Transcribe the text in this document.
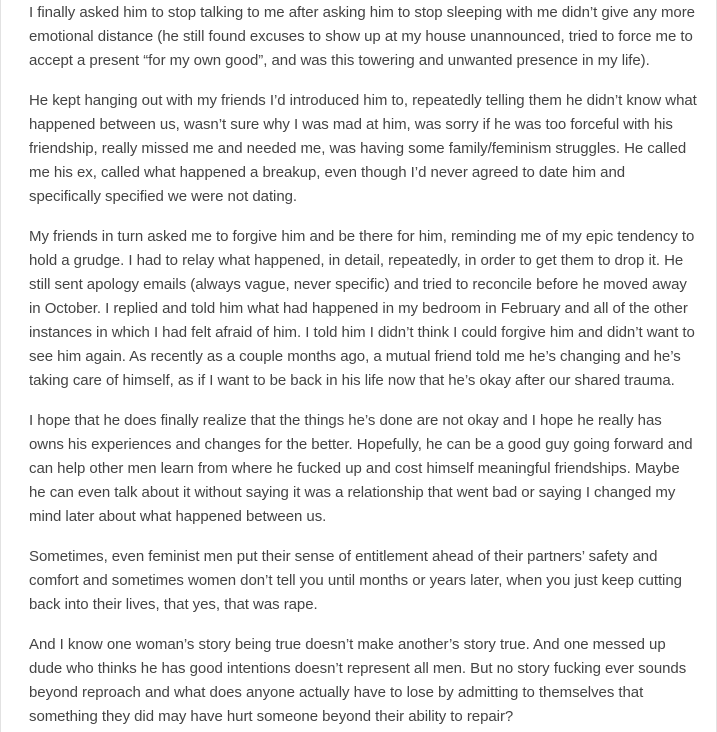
I finally asked him to stop talking to me after asking him to stop sleeping with me didn’t give any more emotional distance (he still found excuses to show up at my house unannounced, tried to force me to accept a present “for my own good”, and was this towering and unwanted presence in my life).

He kept hanging out with my friends I’d introduced him to, repeatedly telling them he didn’t know what happened between us, wasn’t sure why I was mad at him, was sorry if he was too forceful with his friendship, really missed me and needed me, was having some family/feminism struggles. He called me his ex, called what happened a breakup, even though I’d never agreed to date him and specifically specified we were not dating.

My friends in turn asked me to forgive him and be there for him, reminding me of my epic tendency to hold a grudge. I had to relay what happened, in detail, repeatedly, in order to get them to drop it. He still sent apology emails (always vague, never specific) and tried to reconcile before he moved away in October. I replied and told him what had happened in my bedroom in February and all of the other instances in which I had felt afraid of him. I told him I didn’t think I could forgive him and didn’t want to see him again. As recently as a couple months ago, a mutual friend told me he’s changing and he’s taking care of himself, as if I want to be back in his life now that he’s okay after our shared trauma.

I hope that he does finally realize that the things he’s done are not okay and I hope he really has owns his experiences and changes for the better. Hopefully, he can be a good guy going forward and can help other men learn from where he fucked up and cost himself meaningful friendships. Maybe he can even talk about it without saying it was a relationship that went bad or saying I changed my mind later about what happened between us.

Sometimes, even feminist men put their sense of entitlement ahead of their partners’ safety and comfort and sometimes women don’t tell you until months or years later, when you just keep cutting back into their lives, that yes, that was rape.

And I know one woman’s story being true doesn’t make another’s story true. And one messed up dude who thinks he has good intentions doesn’t represent all men. But no story fucking ever sounds beyond reproach and what does anyone actually have to lose by admitting to themselves that something they did may have hurt someone beyond their ability to repair?
